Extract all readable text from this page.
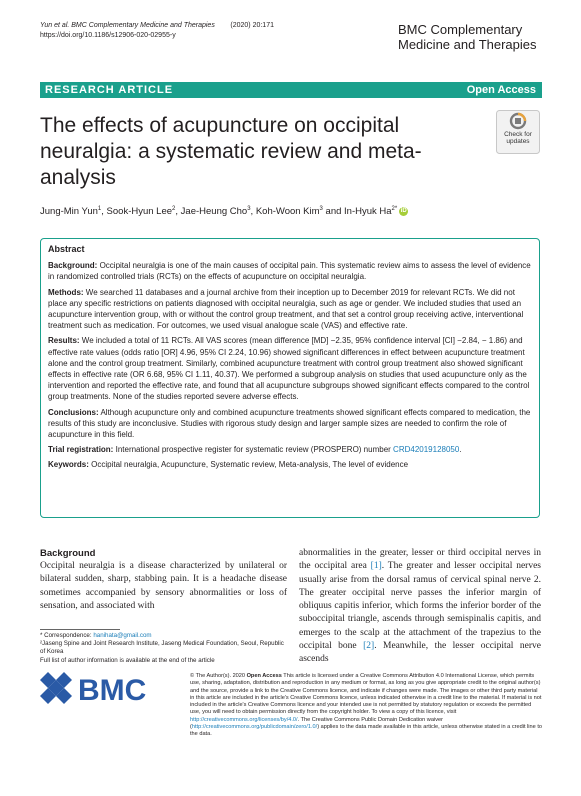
Yun et al. BMC Complementary Medicine and Therapies (2020) 20:171
https://doi.org/10.1186/s12906-020-02955-y	BMC Complementary
Medicine and Therapies
RESEARCH ARTICLE	Open Access
The effects of acupuncture on occipital neuralgia: a systematic review and meta-analysis
Check for
updates
Jung-Min Yun$^1$, Sook-Hyun Lee$^2$, Jae-Heung Cho$^3$, Koh-Woon Kim$^3$ and In-Hyuk $Ha^{2*}$ iD
Abstract

Background: Occipital neuralgia is one of the main causes of occipital pain. This systematic review aims to assess the level of evidence in randomized controlled trials (RCTs) on the effects of acupuncture on occipital neuralgia.

Methods: We searched 11 databases and a journal archive from their inception up to December 2019 for relevant RCTs. We did not place any specific restrictions on patients diagnosed with occipital neuralgia, such as age or gender. We included studies that used an acupuncture intervention group, with or without the control group treatment, and that set a control group receiving active, interventional treatment such as medication. For outcomes, we used visual analogue scale (VAS) and effective rate.

Results: We included a total of 11 RCTs. All VAS scores (mean difference [MD] −2.35, 95% confidence interval [CI] −2.84, − 1.86) and effective rate values (odds ratio [OR] 4.96, 95% CI 2.24, 10.96) showed significant differences in effect between acupuncture treatment alone and the control group treatment. Similarly, combined acupuncture treatment with control group treatment also showed significant effects in effective rate (OR 6.68, 95% CI 1.11, 40.37). We performed a subgroup analysis on studies that used acupuncture only as the intervention and reported the effective rate, and found that all acupuncture subgroups showed significant effects compared to the control group treatments. None of the studies reported severe adverse effects.

Conclusions: Although acupuncture only and combined acupuncture treatments showed significant effects compared to medication, the results of this study are inconclusive. Studies with rigorous study design and larger sample sizes are needed to confirm the role of acupuncture in this field.

Trial registration: International prospective register for systematic review (PROSPERO) number CRD42019128050.

Keywords: Occipital neuralgia, Acupuncture, Systematic review, Meta-analysis, The level of evidence

Background

Occipital neuralgia is a disease characterized by unilateral or bilateral sudden, sharp, stabbing pain. It is a headache disease sometimes accompanied by sensory abnormalities or loss of sensation, and associated with

abnormalities in the greater, lesser or third occipital nerves in the occipital area [1]. The greater and lesser occipital nerves usually arise from the dorsal ramus of cervical spinal nerve 2. The greater occipital nerve passes the inferior margin of obliquus capitis inferior, which forms the inferior border of the suboccipital triangle, ascends through semispinalis capitis, and emerges to the scalp at the attachment of the trapezius to the occipital bone [2]. Meanwhile, the lesser occipital nerve ascends

* Correspondence: hanihata@gmail.com
²Jaseng Spine and Joint Research Institute, Jaseng Medical Foundation, Seoul, Republic of Korea
Full list of author information is available at the end of the article
BMC	© The Author(s). 2020 Open Access This article is licensed under a Creative Commons Attribution 4.0 International License, which permits use, sharing, adaptation, distribution and reproduction in any medium or format, as long as you give appropriate credit to the original author(s) and the source, provide a link to the Creative Commons licence, and indicate if changes were made. The images or other third party material in this article are included in the article's Creative Commons licence, unless indicated otherwise in a credit line to the material. If material is not included in the article's Creative Commons licence and your intended use is not permitted by statutory regulation or exceeds the permitted use, you will need to obtain permission directly from the copyright holder. To view a copy of this licence, visit http://creativecommons.org/licenses/by/4.0/. The Creative Commons Public Domain Dedication waiver (http://creativecommons.org/publicdomain/zero/1.0/) applies to the data made available in this article, unless otherwise stated in a credit line to the data.
